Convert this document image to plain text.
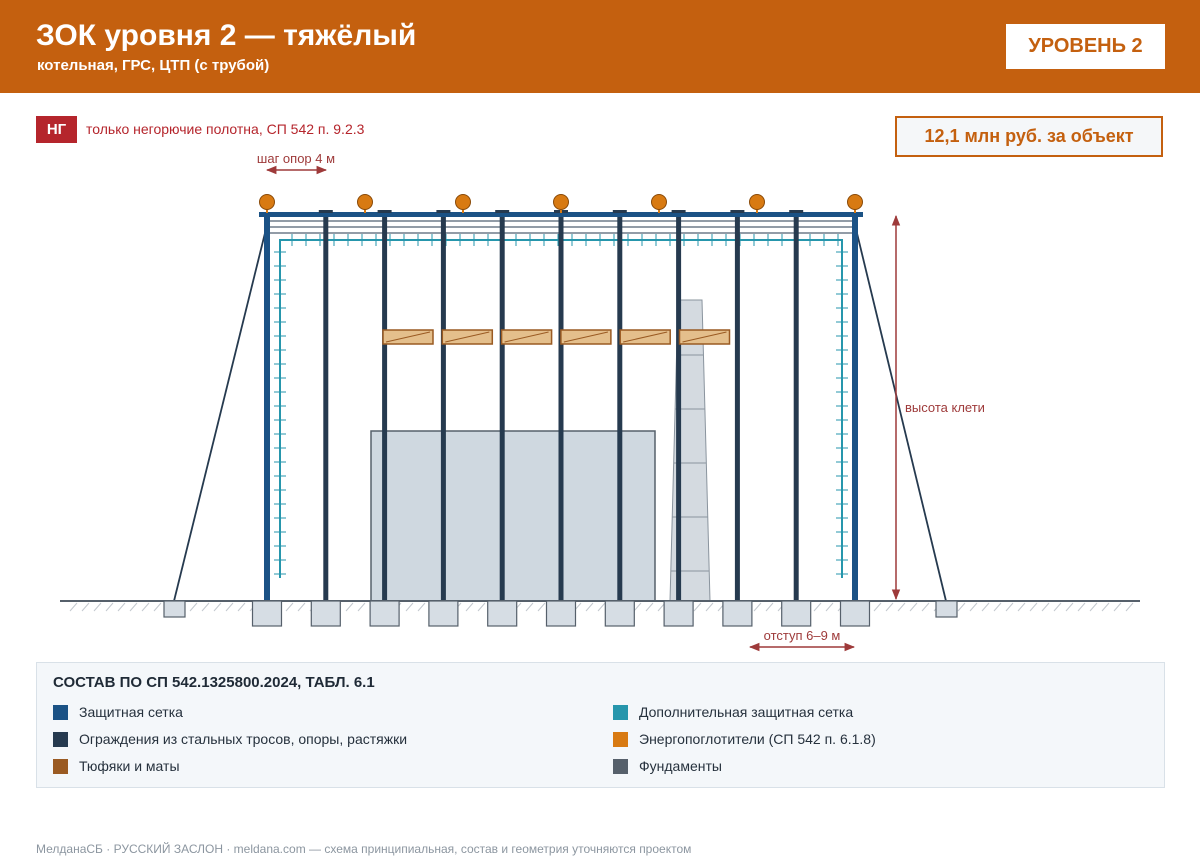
ЗОК уровня 2 — тяжёлый
котельная, ГРС, ЦТП (с трубой)
УРОВЕНЬ 2
НГ	только негорючие полотна, СП 542 п. 9.2.3	12,1 млн руб. за объект
шаг опор 4 м
высота клети
отступ 6–9 м
СОСТАВ ПО СП 542.1325800.2024, ТАБЛ. 6.1
Защитная сетка	Дополнительная защитная сетка
Ограждения из стальных тросов, опоры, растяжки	Энергопоглотители (СП 542 п. 6.1.8)
Тюфяки и маты	Фундаменты
МелданаСБ · РУССКИЙ ЗАСЛОН · meldana.com — схема принципиальная, состав и геометрия уточняются проектом
